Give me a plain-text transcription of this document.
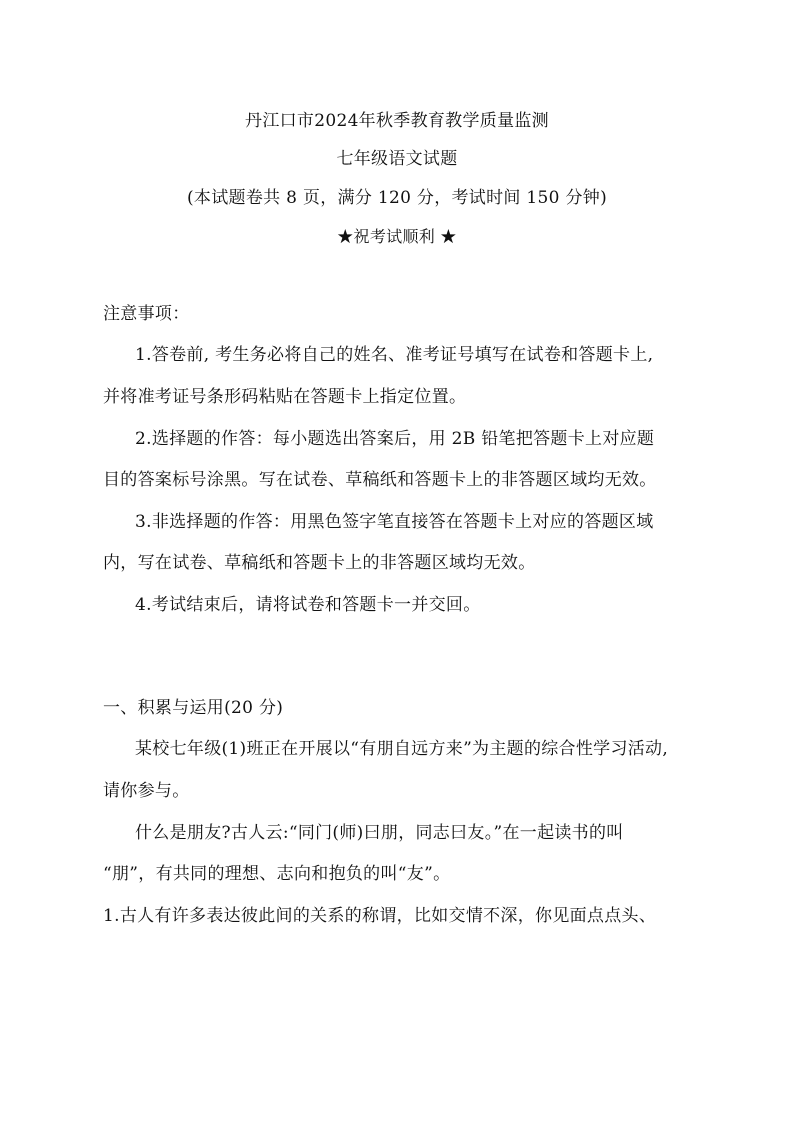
丹江口市2024年秋季教育教学质量监测
七年级语文试题
(本试题卷共 8 页，满分 120 分，考试时间 150 分钟)
★祝考试顺利 ★
注意事项：
1.答卷前, 考生务必将自己的姓名、准考证号填写在试卷和答题卡上,
并将准考证号条形码粘贴在答题卡上指定位置。
2.选择题的作答：每小题选出答案后，用 2B 铅笔把答题卡上对应题
目的答案标号涂黑。写在试卷、草稿纸和答题卡上的非答题区域均无效。
3.非选择题的作答：用黑色签字笔直接答在答题卡上对应的答题区域
内，写在试卷、草稿纸和答题卡上的非答题区域均无效。
4.考试结束后，请将试卷和答题卡一并交回。
一、积累与运用(20 分)
某校七年级(1)班正在开展以“有朋自远方来”为主题的综合性学习活动,
请你参与。
什么是朋友?古人云:“同门(师)曰朋，同志曰友。”在一起读书的叫
“朋”，有共同的理想、志向和抱负的叫“友”。
1.古人有许多表达彼此间的关系的称谓，比如交情不深，你见面点点头、
